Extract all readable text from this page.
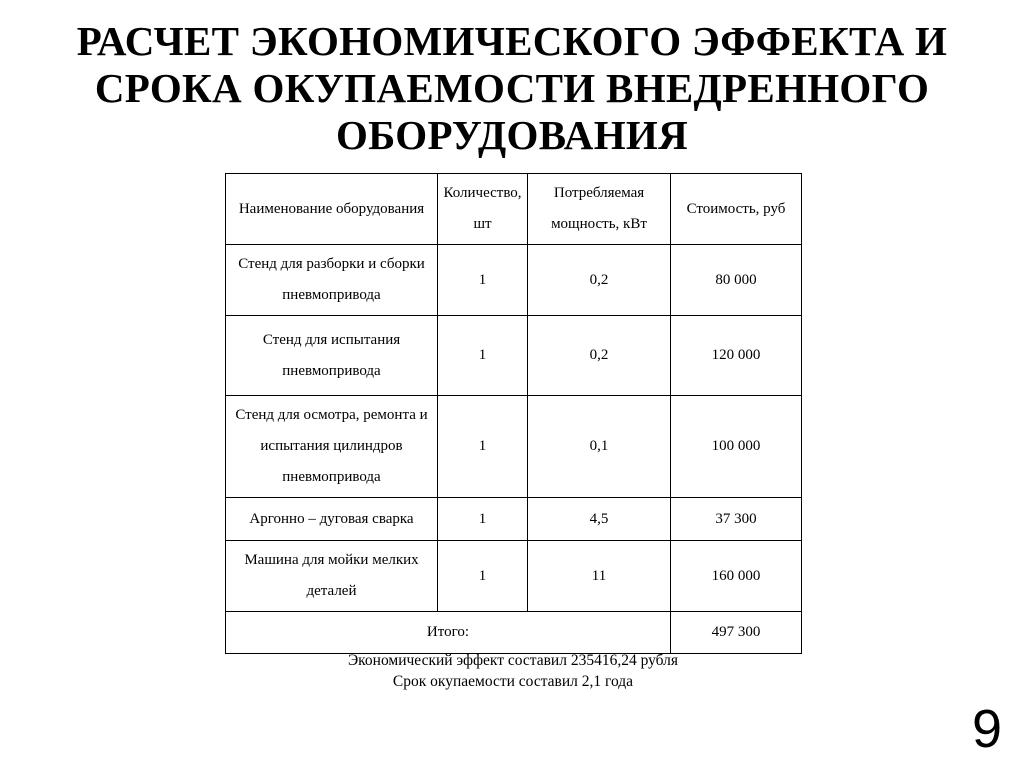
РАСЧЕТ ЭКОНОМИЧЕСКОГО ЭФФЕКТА И
СРОКА ОКУПАЕМОСТИ ВНЕДРЕННОГО
ОБОРУДОВАНИЯ
Наименование оборудования	Количество, шт	Потребляемая мощность, кВт	Стоимость, руб
Стенд для разборки и сборки пневмопривода	1	0,2	80 000
Стенд для испытания пневмопривода	1	0,2	120 000
Стенд для осмотра, ремонта и испытания цилиндров пневмопривода	1	0,1	100 000
Аргонно – дуговая сварка	1	4,5	37 300
Машина для мойки мелких деталей	1	11	160 000
Итого:			497 300
Экономический эффект составил 235416,24 рубля
Срок окупаемости составил 2,1 года
9
